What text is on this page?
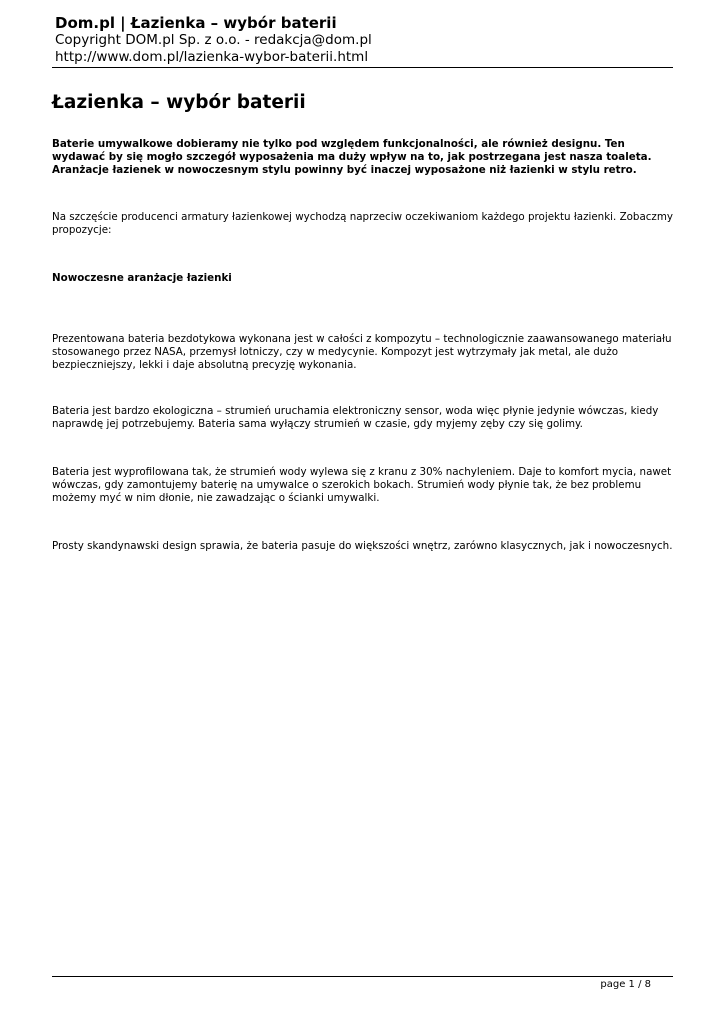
Dom.pl | Łazienka – wybór baterii
Copyright DOM.pl Sp. z o.o. - redakcja@dom.pl
http://www.dom.pl/lazienka-wybor-baterii.html
Łazienka – wybór baterii

Baterie umywalkowe dobieramy nie tylko pod względem funkcjonalności, ale również designu. Ten wydawać by się mogło szczegół wyposażenia ma duży wpływ na to, jak postrzegana jest nasza toaleta. Aranżacje łazienek w nowoczesnym stylu powinny być inaczej wyposażone niż łazienki w stylu retro.

Na szczęście producenci armatury łazienkowej wychodzą naprzeciw oczekiwaniom każdego projektu łazienki. Zobaczmy propozycje:

Nowoczesne aranżacje łazienki

Prezentowana bateria bezdotykowa wykonana jest w całości z kompozytu – technologicznie zaawansowanego materiału stosowanego przez NASA, przemysł lotniczy, czy w medycynie. Kompozyt jest wytrzymały jak metal, ale dużo bezpieczniejszy, lekki i daje absolutną precyzję wykonania.

Bateria jest bardzo ekologiczna – strumień uruchamia elektroniczny sensor, woda więc płynie jedynie wówczas, kiedy naprawdę jej potrzebujemy. Bateria sama wyłączy strumień w czasie, gdy myjemy zęby czy się golimy.

Bateria jest wyprofilowana tak, że strumień wody wylewa się z kranu z 30% nachyleniem. Daje to komfort mycia, nawet wówczas, gdy zamontujemy baterię na umywalce o szerokich bokach. Strumień wody płynie tak, że bez problemu możemy myć w nim dłonie, nie zawadzając o ścianki umywalki.

Prosty skandynawski design sprawia, że bateria pasuje do większości wnętrz, zarówno klasycznych, jak i nowoczesnych.

page 1 / 8
